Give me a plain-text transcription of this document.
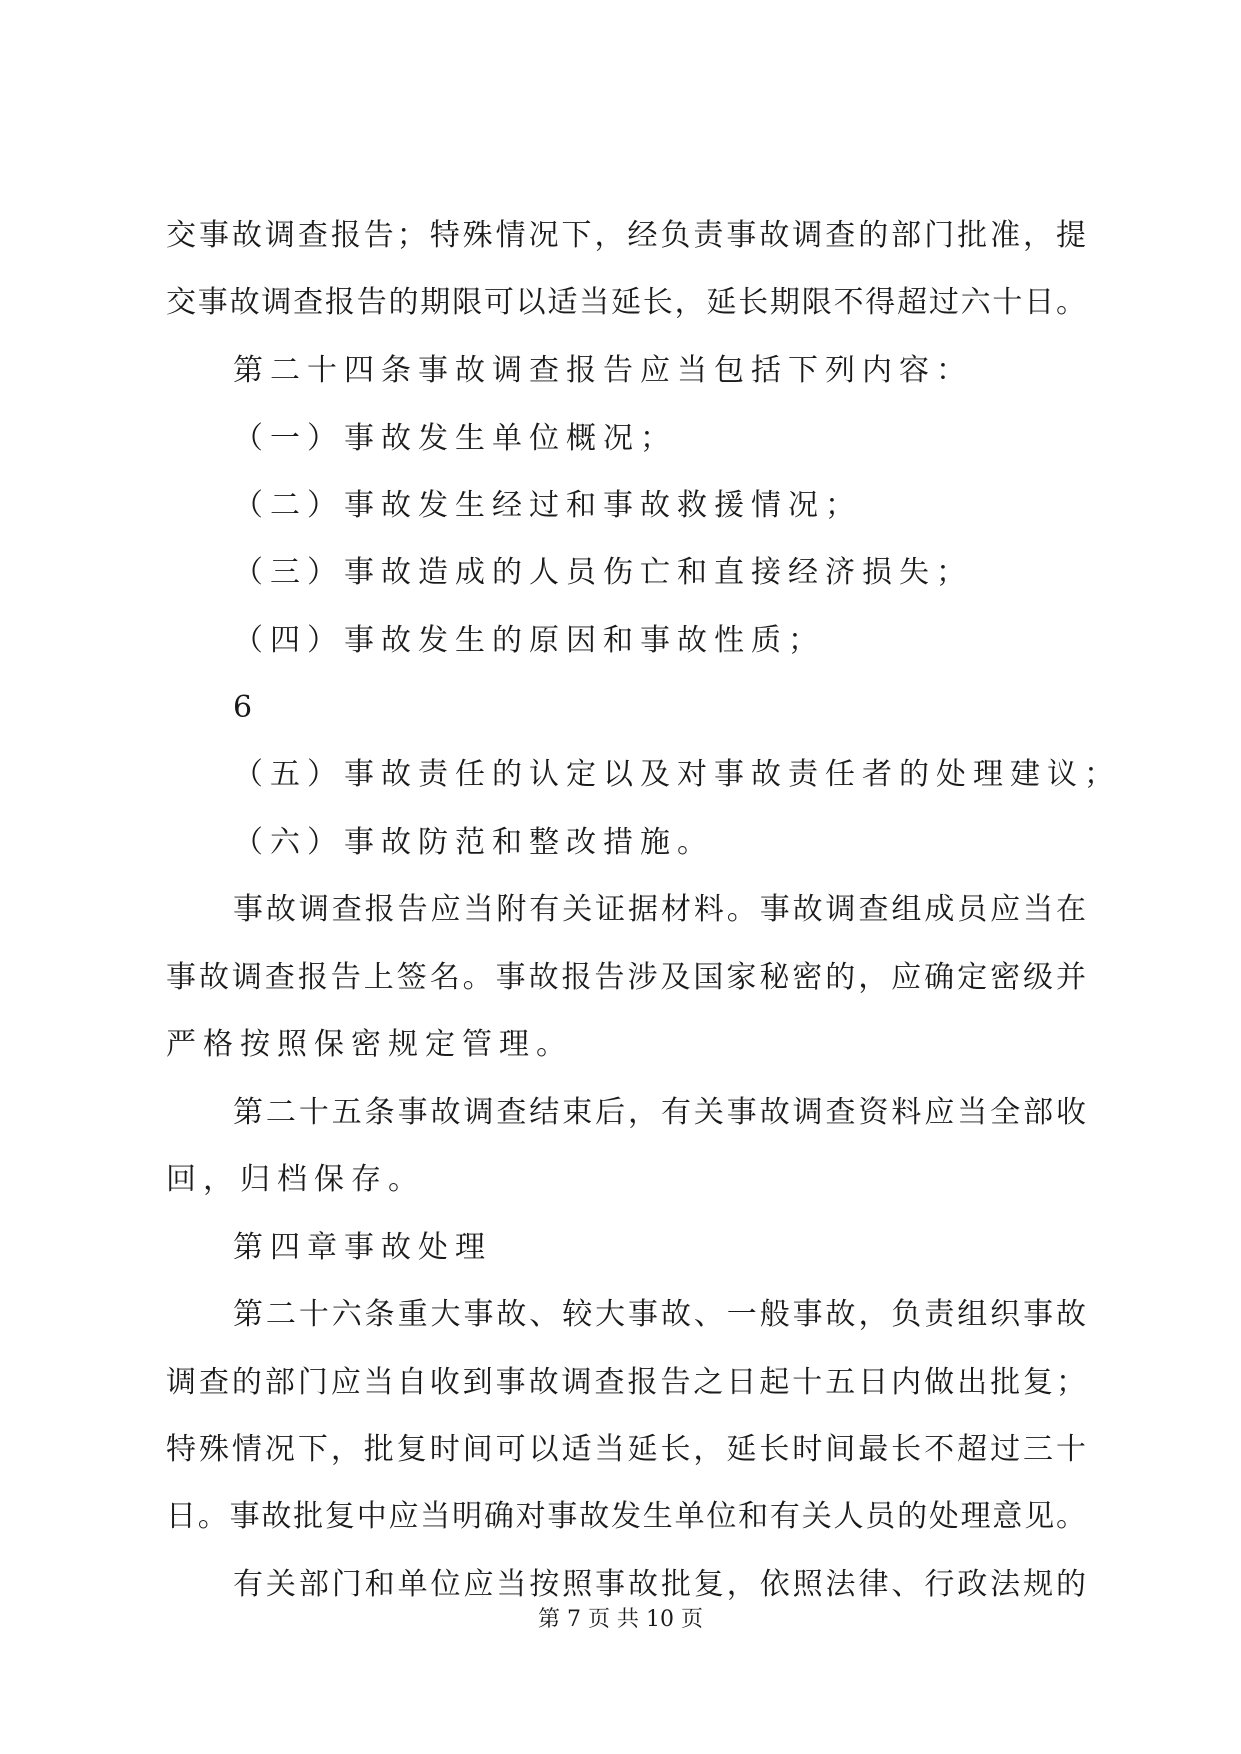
交事故调查报告；特殊情况下，经负责事故调查的部门批准，提
交事故调查报告的期限可以适当延长，延长期限不得超过六十日。
第二十四条事故调查报告应当包括下列内容：
（一）事故发生单位概况；
（二）事故发生经过和事故救援情况；
（三）事故造成的人员伤亡和直接经济损失；
（四）事故发生的原因和事故性质；
6
（五）事故责任的认定以及对事故责任者的处理建议；
（六）事故防范和整改措施。
事故调查报告应当附有关证据材料。事故调查组成员应当在
事故调查报告上签名。事故报告涉及国家秘密的，应确定密级并
严格按照保密规定管理。
第二十五条事故调查结束后，有关事故调查资料应当全部收
回，归档保存。
第四章事故处理
第二十六条重大事故、较大事故、一般事故，负责组织事故
调查的部门应当自收到事故调查报告之日起十五日内做出批复；
特殊情况下，批复时间可以适当延长，延长时间最长不超过三十
日。事故批复中应当明确对事故发生单位和有关人员的处理意见。
有关部门和单位应当按照事故批复，依照法律、行政法规的
第 7 页 共 10 页
